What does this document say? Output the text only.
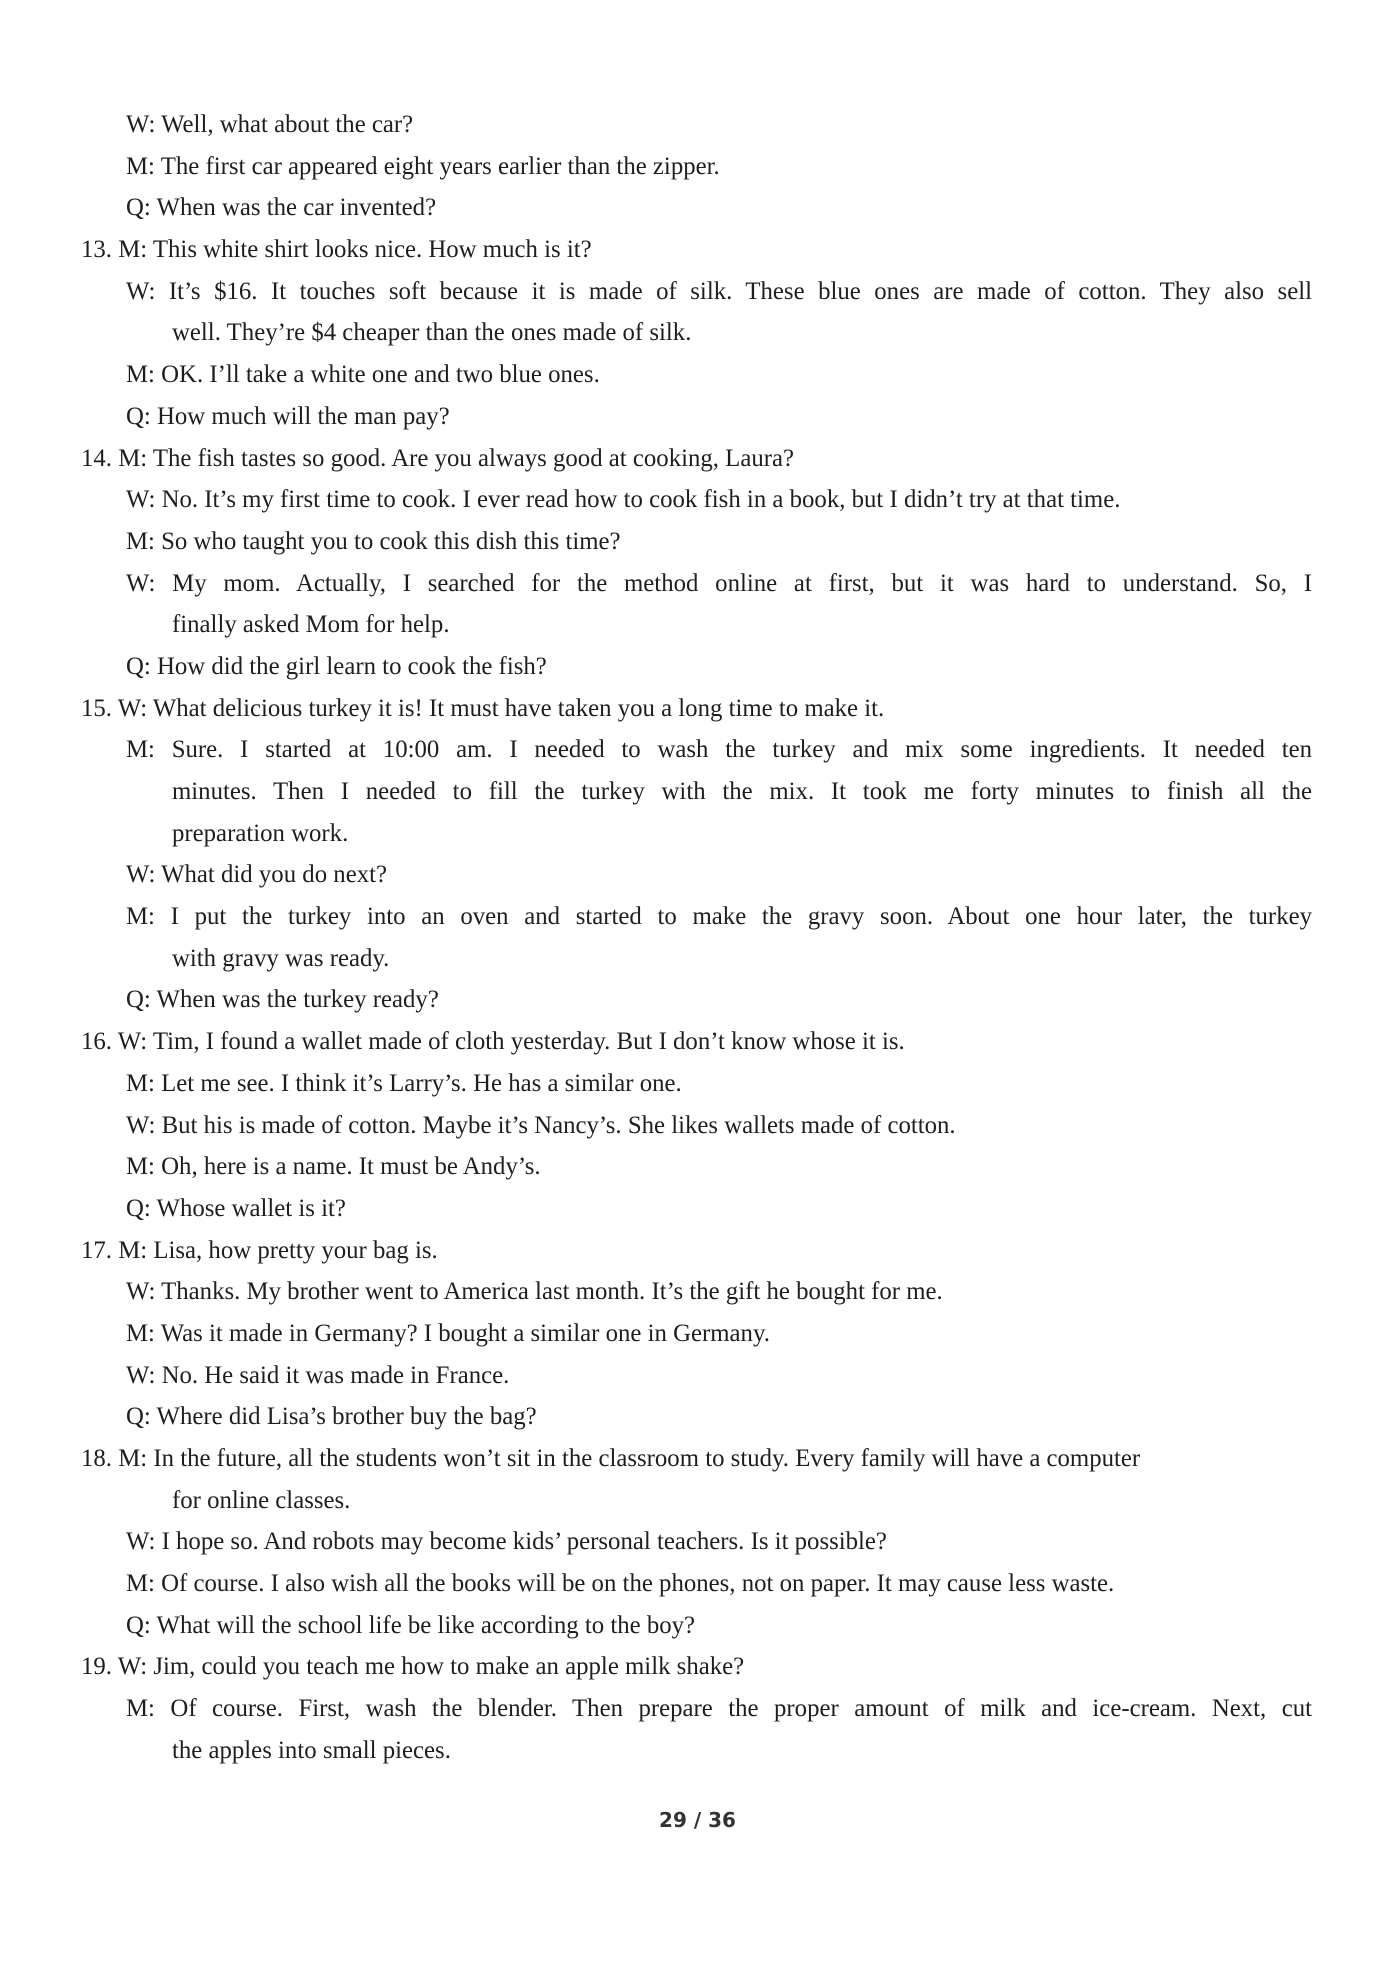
W: Well, what about the car?
M: The first car appeared eight years earlier than the zipper.
Q: When was the car invented?
13. M: This white shirt looks nice. How much is it?
W: It’s $16. It touches soft because it is made of silk. These blue ones are made of cotton. They also sell
well. They’re $4 cheaper than the ones made of silk.
M: OK. I’ll take a white one and two blue ones.
Q: How much will the man pay?
14. M: The fish tastes so good. Are you always good at cooking, Laura?
W: No. It’s my first time to cook. I ever read how to cook fish in a book, but I didn’t try at that time.
M: So who taught you to cook this dish this time?
W: My mom. Actually, I searched for the method online at first, but it was hard to understand. So, I
finally asked Mom for help.
Q: How did the girl learn to cook the fish?
15. W: What delicious turkey it is! It must have taken you a long time to make it.
M: Sure. I started at 10:00 am. I needed to wash the turkey and mix some ingredients. It needed ten
minutes. Then I needed to fill the turkey with the mix. It took me forty minutes to finish all the
preparation work.
W: What did you do next?
M: I put the turkey into an oven and started to make the gravy soon. About one hour later, the turkey
with gravy was ready.
Q: When was the turkey ready?
16. W: Tim, I found a wallet made of cloth yesterday. But I don’t know whose it is.
M: Let me see. I think it’s Larry’s. He has a similar one.
W: But his is made of cotton. Maybe it’s Nancy’s. She likes wallets made of cotton.
M: Oh, here is a name. It must be Andy’s.
Q: Whose wallet is it?
17. M: Lisa, how pretty your bag is.
W: Thanks. My brother went to America last month. It’s the gift he bought for me.
M: Was it made in Germany? I bought a similar one in Germany.
W: No. He said it was made in France.
Q: Where did Lisa’s brother buy the bag?
18. M: In the future, all the students won’t sit in the classroom to study. Every family will have a computer
for online classes.
W: I hope so. And robots may become kids’ personal teachers. Is it possible?
M: Of course. I also wish all the books will be on the phones, not on paper. It may cause less waste.
Q: What will the school life be like according to the boy?
19. W: Jim, could you teach me how to make an apple milk shake?
M: Of course. First, wash the blender. Then prepare the proper amount of milk and ice-cream. Next, cut
the apples into small pieces.
29 / 36
